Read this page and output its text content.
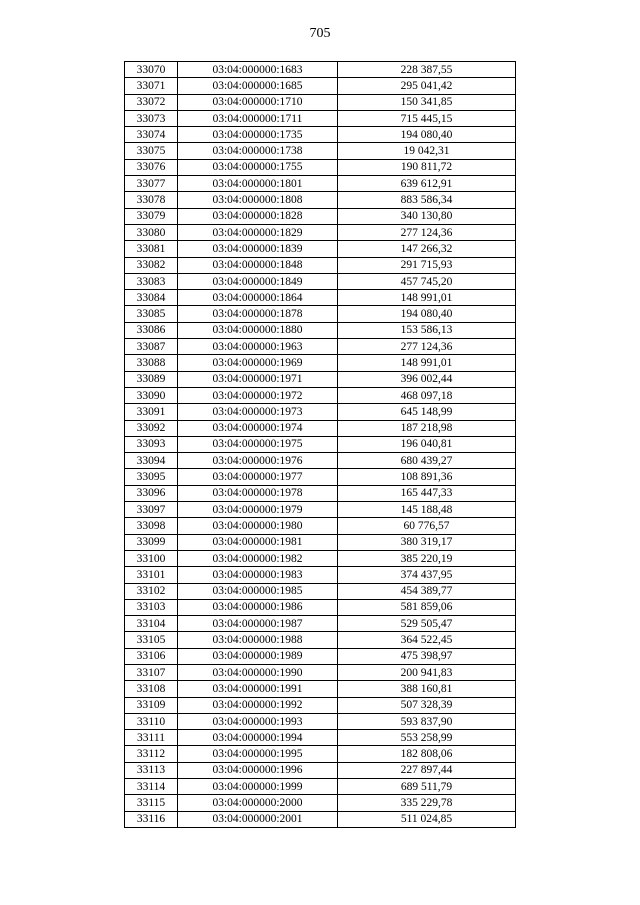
705
33070	03:04:000000:1683	228 387,55
33071	03:04:000000:1685	295 041,42
33072	03:04:000000:1710	150 341,85
33073	03:04:000000:1711	715 445,15
33074	03:04:000000:1735	194 080,40
33075	03:04:000000:1738	19 042,31
33076	03:04:000000:1755	190 811,72
33077	03:04:000000:1801	639 612,91
33078	03:04:000000:1808	883 586,34
33079	03:04:000000:1828	340 130,80
33080	03:04:000000:1829	277 124,36
33081	03:04:000000:1839	147 266,32
33082	03:04:000000:1848	291 715,93
33083	03:04:000000:1849	457 745,20
33084	03:04:000000:1864	148 991,01
33085	03:04:000000:1878	194 080,40
33086	03:04:000000:1880	153 586,13
33087	03:04:000000:1963	277 124,36
33088	03:04:000000:1969	148 991,01
33089	03:04:000000:1971	396 002,44
33090	03:04:000000:1972	468 097,18
33091	03:04:000000:1973	645 148,99
33092	03:04:000000:1974	187 218,98
33093	03:04:000000:1975	196 040,81
33094	03:04:000000:1976	680 439,27
33095	03:04:000000:1977	108 891,36
33096	03:04:000000:1978	165 447,33
33097	03:04:000000:1979	145 188,48
33098	03:04:000000:1980	60 776,57
33099	03:04:000000:1981	380 319,17
33100	03:04:000000:1982	385 220,19
33101	03:04:000000:1983	374 437,95
33102	03:04:000000:1985	454 389,77
33103	03:04:000000:1986	581 859,06
33104	03:04:000000:1987	529 505,47
33105	03:04:000000:1988	364 522,45
33106	03:04:000000:1989	475 398,97
33107	03:04:000000:1990	200 941,83
33108	03:04:000000:1991	388 160,81
33109	03:04:000000:1992	507 328,39
33110	03:04:000000:1993	593 837,90
33111	03:04:000000:1994	553 258,99
33112	03:04:000000:1995	182 808,06
33113	03:04:000000:1996	227 897,44
33114	03:04:000000:1999	689 511,79
33115	03:04:000000:2000	335 229,78
33116	03:04:000000:2001	511 024,85
